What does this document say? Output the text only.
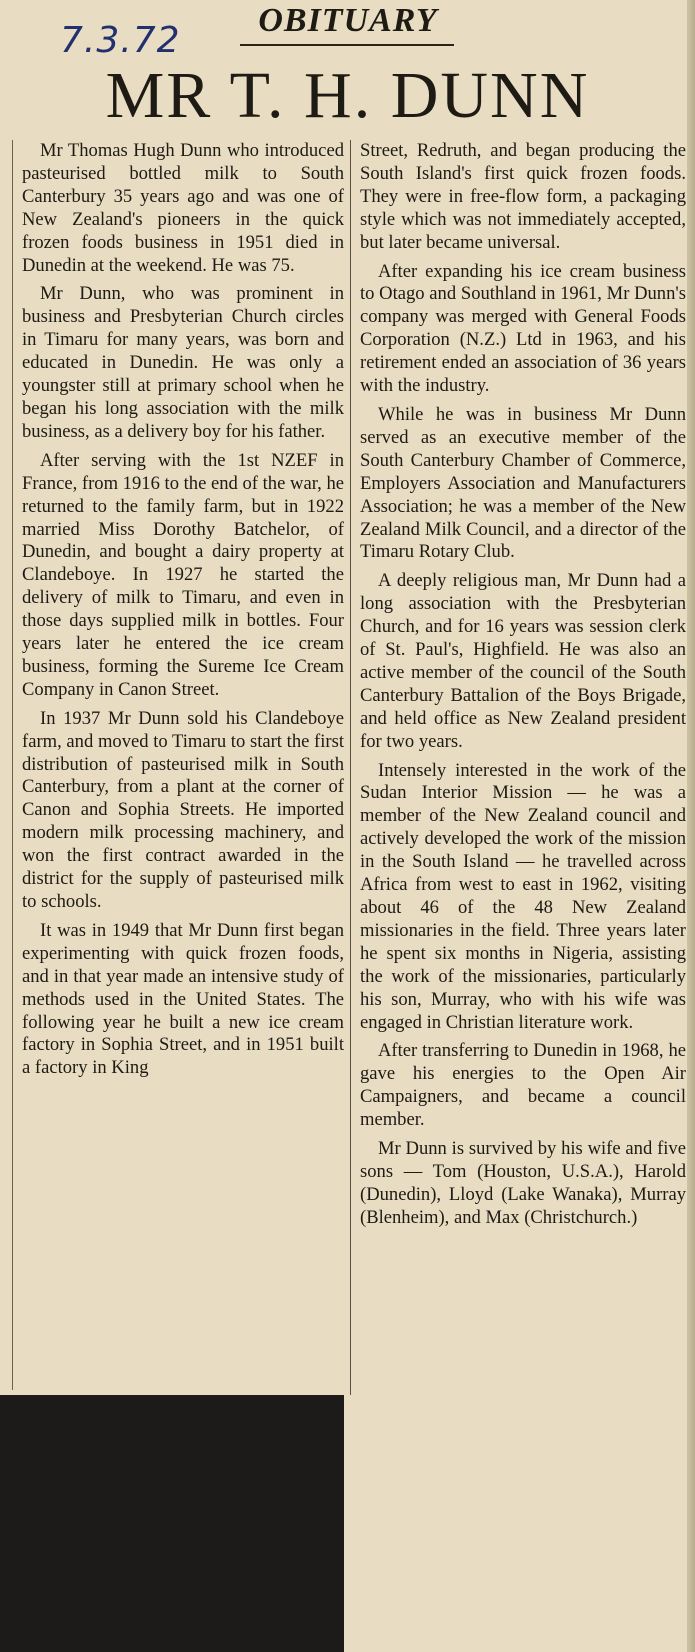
7.3.72	OBITUARY
MR T. H. DUNN

Mr Thomas Hugh Dunn who introduced pasteurised bottled milk to South Canterbury 35 years ago and was one of New Zealand's pioneers in the quick frozen foods business in 1951 died in Dunedin at the weekend. He was 75.

Mr Dunn, who was prominent in business and Presbyterian Church circles in Timaru for many years, was born and educated in Dunedin. He was only a youngster still at primary school when he began his long association with the milk business, as a delivery boy for his father.

After serving with the 1st NZEF in France, from 1916 to the end of the war, he returned to the family farm, but in 1922 married Miss Dorothy Batchelor, of Dunedin, and bought a dairy property at Clandeboye. In 1927 he started the delivery of milk to Timaru, and even in those days supplied milk in bottles. Four years later he entered the ice cream business, forming the Sureme Ice Cream Company in Canon Street.

In 1937 Mr Dunn sold his Clandeboye farm, and moved to Timaru to start the first distribution of pasteurised milk in South Canterbury, from a plant at the corner of Canon and Sophia Streets. He imported modern milk processing machinery, and won the first contract awarded in the district for the supply of pasteurised milk to schools.

It was in 1949 that Mr Dunn first began experimenting with quick frozen foods, and in that year made an intensive study of methods used in the United States. The following year he built a new ice cream factory in Sophia Street, and in 1951 built a factory in King

Street, Redruth, and began producing the South Island's first quick frozen foods. They were in free-flow form, a packaging style which was not immediately accepted, but later became universal.

After expanding his ice cream business to Otago and Southland in 1961, Mr Dunn's company was merged with General Foods Corporation (N.Z.) Ltd in 1963, and his retirement ended an association of 36 years with the industry.

While he was in business Mr Dunn served as an executive member of the South Canterbury Chamber of Commerce, Employers Association and Manufacturers Association; he was a member of the New Zealand Milk Council, and a director of the Timaru Rotary Club.

A deeply religious man, Mr Dunn had a long association with the Presbyterian Church, and for 16 years was session clerk of St. Paul's, Highfield. He was also an active member of the council of the South Canterbury Battalion of the Boys Brigade, and held office as New Zealand president for two years.

Intensely interested in the work of the Sudan Interior Mission — he was a member of the New Zealand council and actively developed the work of the mission in the South Island — he travelled across Africa from west to east in 1962, visiting about 46 of the 48 New Zealand missionaries in the field. Three years later he spent six months in Nigeria, assisting the work of the missionaries, particularly his son, Murray, who with his wife was engaged in Christian literature work.

After transferring to Dunedin in 1968, he gave his energies to the Open Air Campaigners, and became a council member.

Mr Dunn is survived by his wife and five sons — Tom (Houston, U.S.A.), Harold (Dunedin), Lloyd (Lake Wanaka), Murray (Blenheim), and Max (Christchurch.)
